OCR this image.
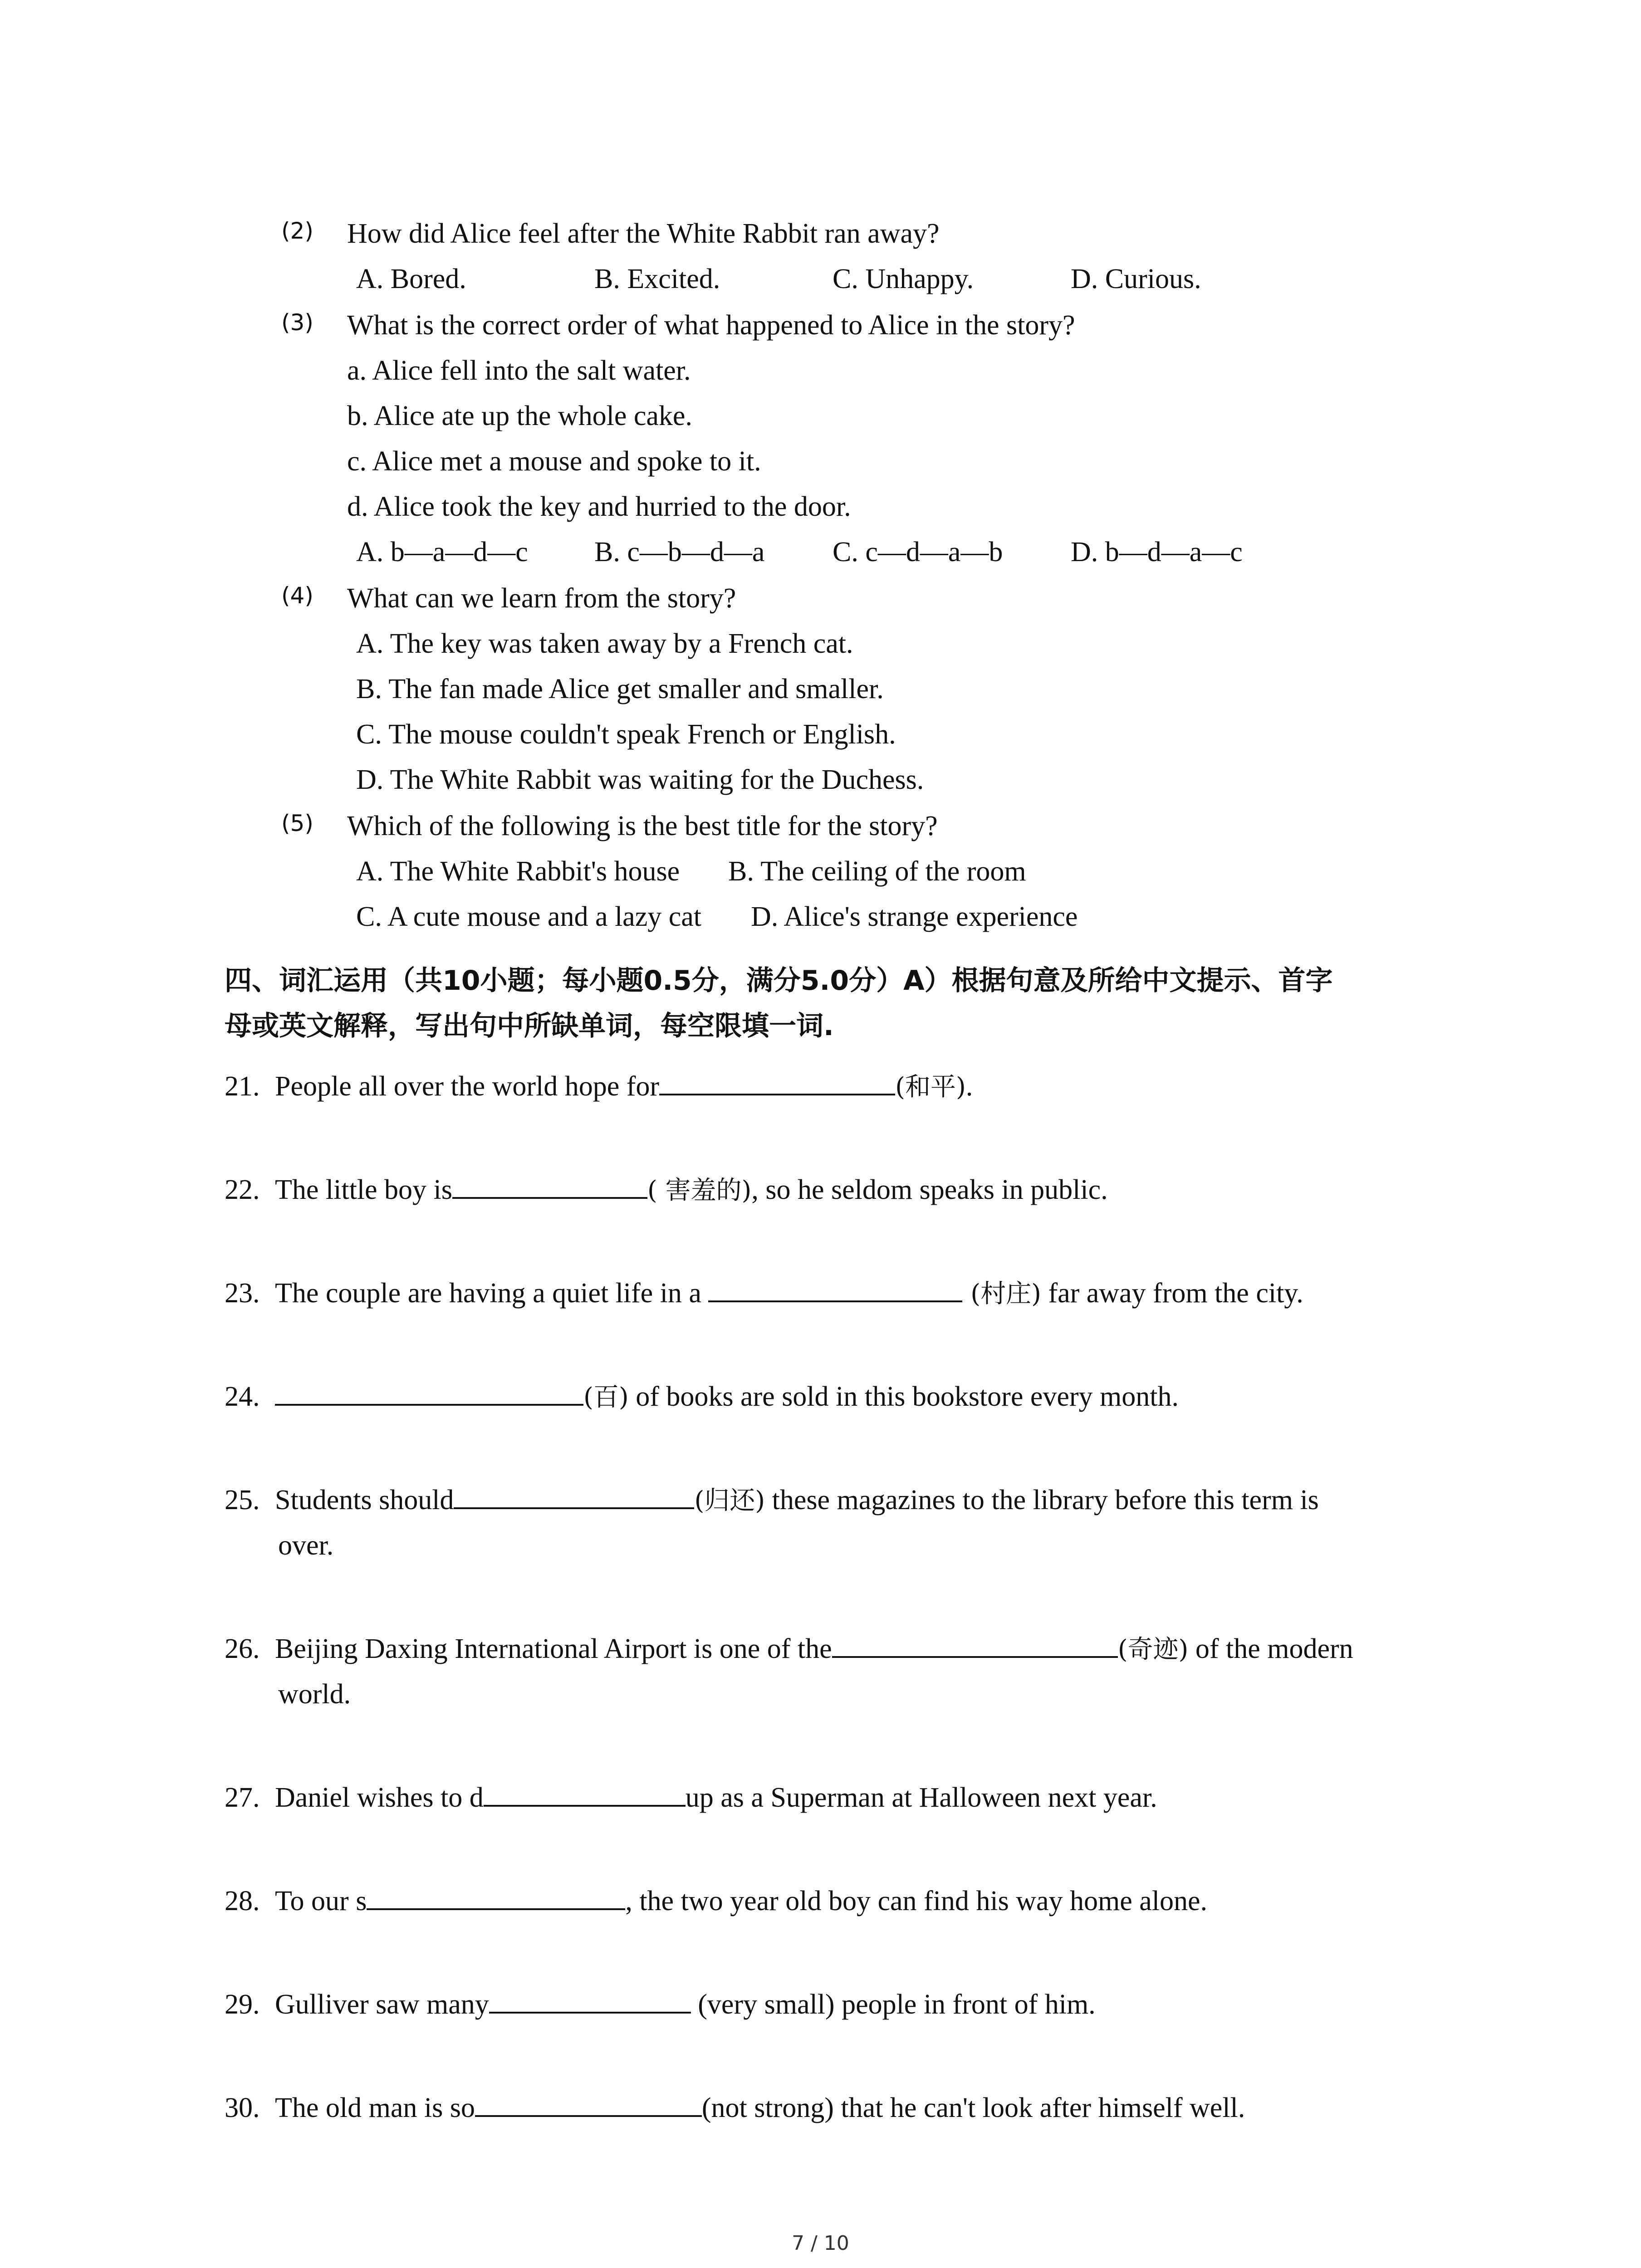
(2) How did Alice feel after the White Rabbit ran away?
A. Bored.	B. Excited.	C. Unhappy.	D. Curious.
(3) What is the correct order of what happened to Alice in the story?
a. Alice fell into the salt water.
b. Alice ate up the whole cake.
c. Alice met a mouse and spoke to it.
d. Alice took the key and hurried to the door.
A. b—a—d—c B. c—b—d—a C. c—d—a—b D. b—d—a—c
(4) What can we learn from the story?
A. The key was taken away by a French cat.
B. The fan made Alice get smaller and smaller.
C. The mouse couldn't speak French or English.
D. The White Rabbit was waiting for the Duchess.
(5) Which of the following is the best title for the story?
A. The White Rabbit's house B. The ceiling of the room
C. A cute mouse and a lazy cat D. Alice's strange experience
四、词汇运用（共10小题；每小题0.5分，满分5.0分）A）根据句意及所给中文提示、首字
母或英文解释，写出句中所缺单词，每空限填一词.
21. People all over the world hope for	(和平).
22. The little boy is	( 害羞的), so he seldom speaks in public.
23. The couple are having a quiet life in a	(村庄) far away from the city.
24.	(百) of books are sold in this bookstore every month.
25. Students should	(归还) these magazines to the library before this term is
over.
26. Beijing Daxing International Airport is one of the	(奇迹) of the modern
world.
27. Daniel wishes to d	up as a Superman at Halloween next year.
28. To our s	, the two year old boy can find his way home alone.
29. Gulliver saw many	(very small) people in front of him.
30. The old man is so	(not strong) that he can't look after himself well.
7 / 10
